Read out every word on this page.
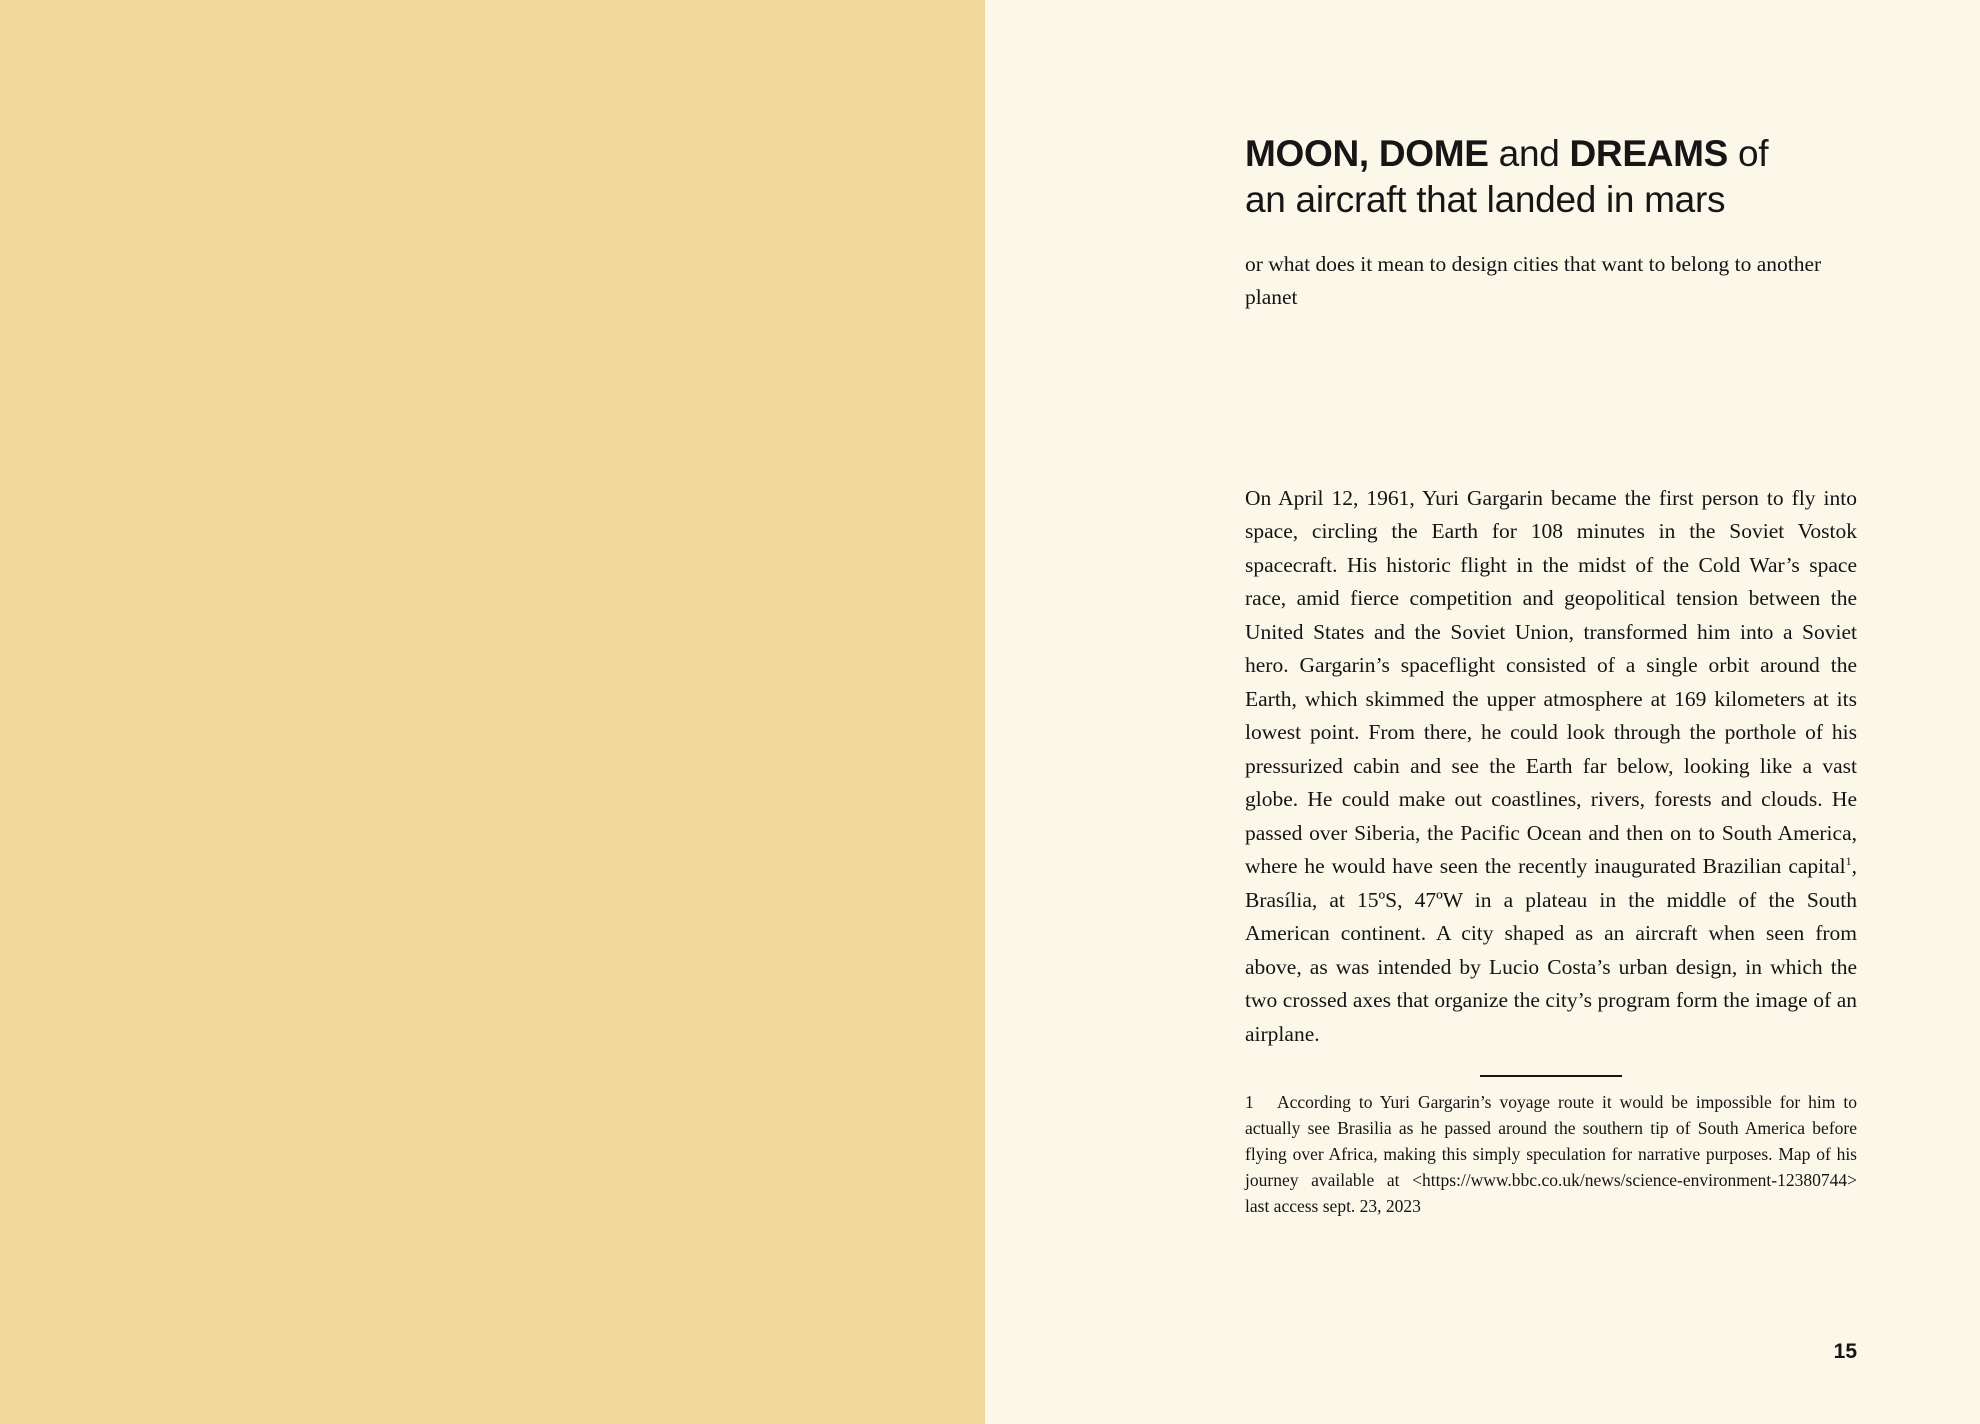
MOON, DOME and DREAMS of
an aircraft that landed in mars
or what does it mean to design cities that want to belong to another planet

On April 12, 1961, Yuri Gargarin became the first person to fly into space, circling the Earth for 108 minutes in the Soviet Vostok spacecraft. His historic flight in the midst of the Cold War’s space race, amid fierce competition and geopolitical tension between the United States and the Soviet Union, transformed him into a Soviet hero. Gargarin’s spaceflight consisted of a single orbit around the Earth, which skimmed the upper atmosphere at 169 kilometers at its lowest point. From there, he could look through the porthole of his pressurized cabin and see the Earth far below, looking like a vast globe. He could make out coastlines, rivers, forests and clouds. He passed over Siberia, the Pacific Ocean and then on to South America, where he would have seen the recently inaugurated Brazilian capital$^1$, Brasília, at 15ºS, 47ºW in a plateau in the middle of the South American continent. A city shaped as an aircraft when seen from above, as was intended by Lucio Costa’s urban design, in which the two crossed axes that organize the city’s program form the image of an airplane.

1 According to Yuri Gargarin’s voyage route it would be impossible for him to actually see Brasilia as he passed around the southern tip of South America before flying over Africa, making this simply speculation for narrative purposes. Map of his journey available at <https://www.bbc.co.uk/news/science-environment-12380744> last access sept. 23, 2023

15
